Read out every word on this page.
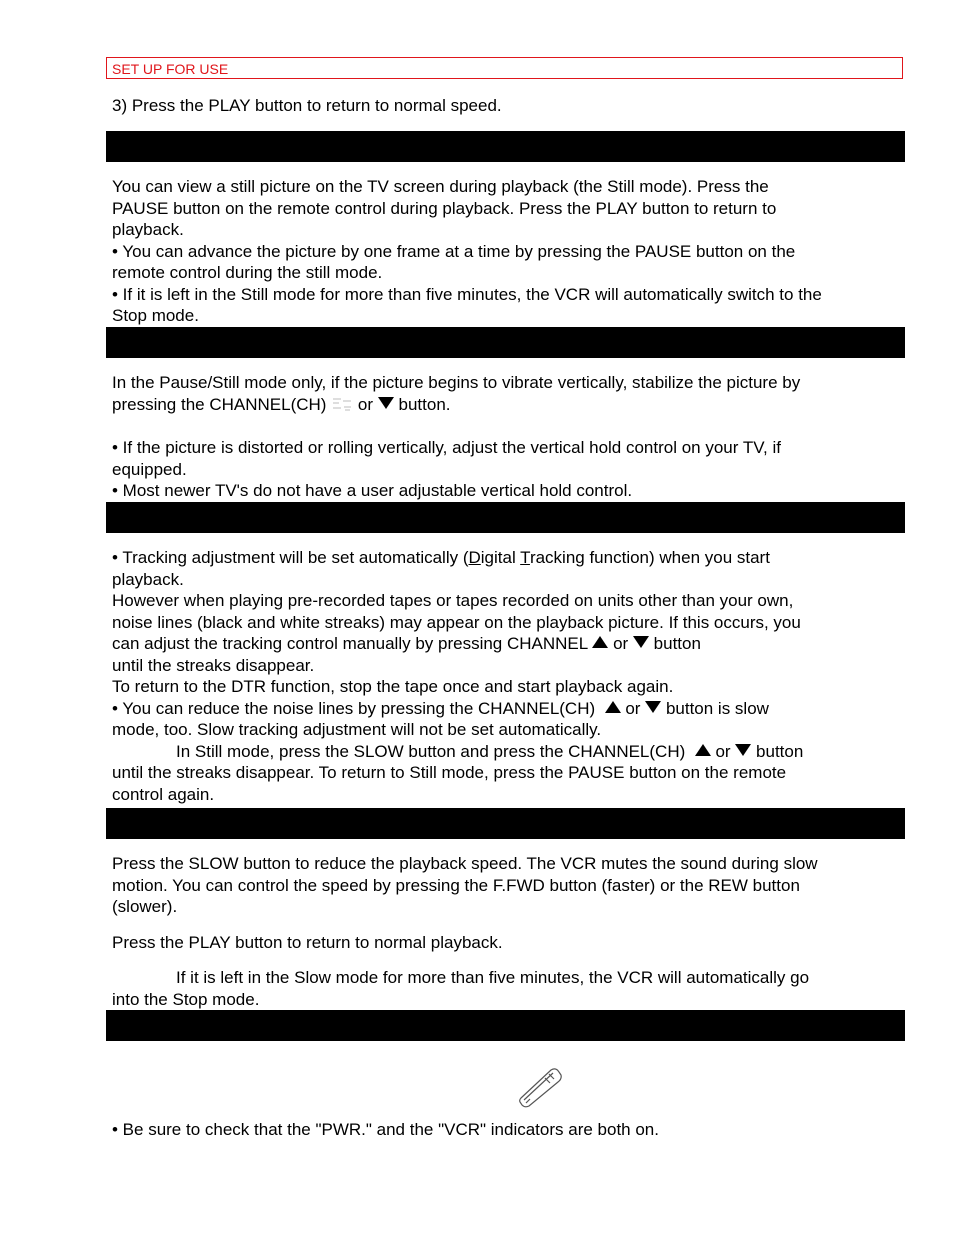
SET UP FOR USE
3) Press the PLAY button to return to normal speed.
You can view a still picture on the TV screen during playback (the Still mode). Press the
PAUSE button on the remote control during playback. Press the PLAY button to return to
playback.
• You can advance the picture by one frame at a time by pressing the PAUSE button on the
remote control during the still mode.
• If it is left in the Still mode for more than five minutes, the VCR will automatically switch to the
Stop mode.
In the Pause/Still mode only, if the picture begins to vibrate vertically, stabilize the picture by
pressing the CHANNEL(CH) or button.
• If the picture is distorted or rolling vertically, adjust the vertical hold control on your TV, if
equipped.
• Most newer TV's do not have a user adjustable vertical hold control.
• Tracking adjustment will be set automatically (Digital Tracking function) when you start
playback.
However when playing pre-recorded tapes or tapes recorded on units other than your own,
noise lines (black and white streaks) may appear on the playback picture. If this occurs, you
can adjust the tracking control manually by pressing CHANNEL or button
until the streaks disappear.
To return to the DTR function, stop the tape once and start playback again.
• You can reduce the noise lines by pressing the CHANNEL(CH) or button is slow
mode, too. Slow tracking adjustment will not be set automatically.
In Still mode, press the SLOW button and press the CHANNEL(CH) or button
until the streaks disappear. To return to Still mode, press the PAUSE button on the remote
control again.
Press the SLOW button to reduce the playback speed. The VCR mutes the sound during slow
motion. You can control the speed by pressing the F.FWD button (faster) or the REW button
(slower).
Press the PLAY button to return to normal playback.
If it is left in the Slow mode for more than five minutes, the VCR will automatically go
into the Stop mode.
• Be sure to check that the "PWR." and the "VCR" indicators are both on.
